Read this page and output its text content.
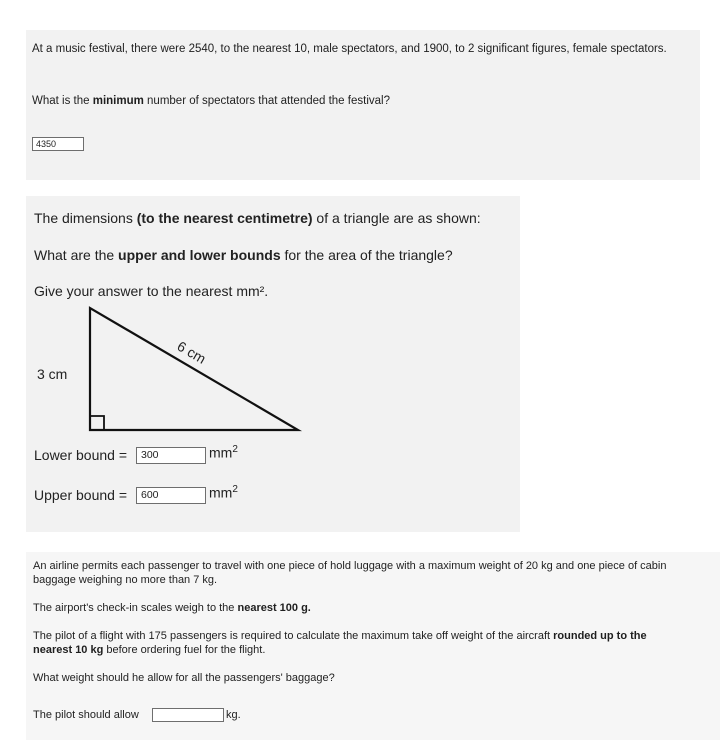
At a music festival, there were 2540, to the nearest 10, male spectators, and 1900, to 2 significant figures, female spectators.
What is the minimum number of spectators that attended the festival?
4350
The dimensions (to the nearest centimetre) of a triangle are as shown:
What are the upper and lower bounds for the area of the triangle?
Give your answer to the nearest mm².
3 cm
6 cm
Lower bound =	300	$mm^2$
Upper bound =	600	$mm^2$
An airline permits each passenger to travel with one piece of hold luggage with a maximum weight of 20 kg and one piece of cabin
baggage weighing no more than 7 kg.
The airport's check-in scales weigh to the nearest 100 g.
The pilot of a flight with 175 passengers is required to calculate the maximum take off weight of the aircraft rounded up to the
nearest 10 kg before ordering fuel for the flight.
What weight should he allow for all the passengers' baggage?
The pilot should allow	kg.
